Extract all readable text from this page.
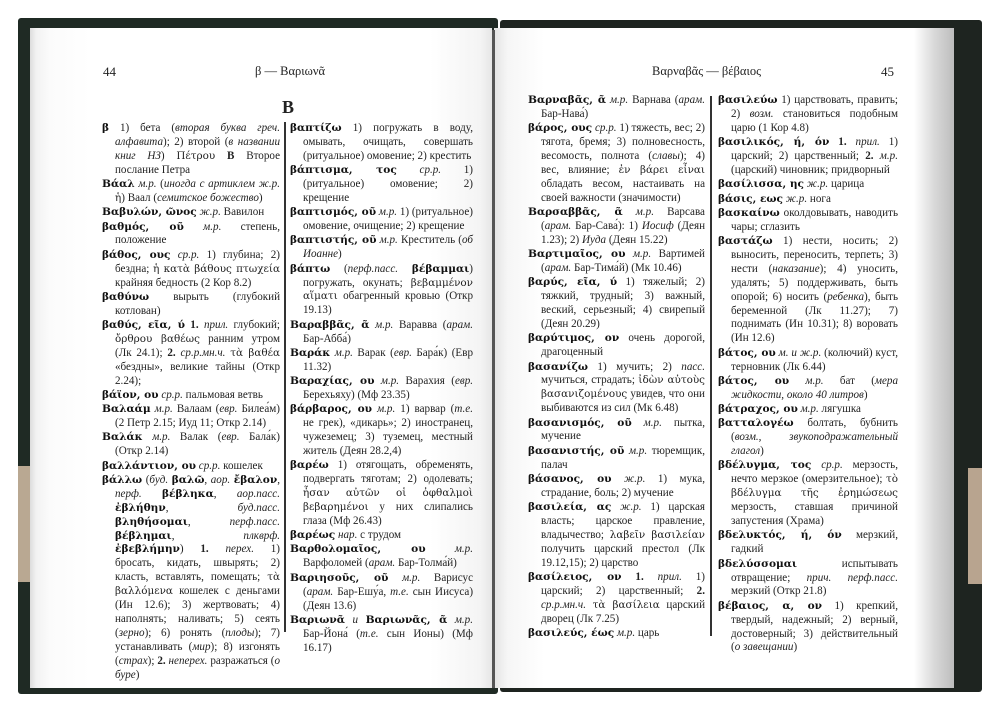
44	β — Βαριωνᾶ	Βαρναβᾶς — βέβαιος	45
B
β 1) бета (вторая буква греч. алфавита); 2) второй (в названии книг НЗ) Πέτρου В Второе послание Петра
Βάαλ м.р. (иногда с артиклем ж.р. ἡ) Ваал (семитское божество)
Βαβυλών, ῶνος ж.р. Вавилон
βαθμός, οῦ м.р. степень, положение
βάθος, ους ср.р. 1) глубина; 2) бездна; ἡ κατὰ βάθους πτωχεία крайняя бедность (2 Кор 8.2)
βαθύνω вырыть (глубокий котлован)
βαθύς, εῖα, ύ 1. прил. глубокий; ὄρθρου βαθέως ранним утром (Лк 24.1); 2. ср.р.мн.ч. τὰ βαθέα «бездны», великие тайны (Откр 2.24);
βάϊον, ου ср.р. пальмовая ветвь
Βαλαάμ м.р. Валаам (евр. Билеа́м) (2 Петр 2.15; Иуд 11; Откр 2.14)
Βαλάκ м.р. Валак (евр. Бала́к) (Откр 2.14)
βαλλάντιον, ου ср.р. кошелек
βάλλω (буд. βαλῶ, аор. ἔβαλον, перф. βέβληκα, аор.пасс. ἐβλήθην, буд.пасс. βληθήσομαι, перф.пасс. βέβλημαι, плкврф. ἐβεβλήμην) 1. перех. 1) бросать, кидать, швырять; 2) класть, вставлять, помещать; τὰ βαλλόμενα кошелек с деньгами (Ин 12.6); 3) жертвовать; 4) наполнять; наливать; 5) сеять (зерно); 6) ронять (плоды); 7) устанавливать (мир); 8) изгонять (страх); 2. неперех. разражаться (о буре)
βαπτίζω 1) погружать в воду, омывать, очищать, совершать (ритуальное) омовение; 2) крестить
βάπτισμα, τος ср.р. 1) (ритуальное) омовение; 2) крещение
βαπτισμός, οῦ м.р. 1) (ритуальное) омовение, очищение; 2) крещение
βαπτιστής, οῦ м.р. Креститель (об Иоанне)
βάπτω (перф.пасс. βέβαμμαι) погружать, окунать; βεβαμμένον αἵματι обагренный кровью (Откр 19.13)
Βαραββᾶς, ᾶ м.р. Варавва (арам. Бар-Абба́)
Βαράκ м.р. Варак (евр. Бара́к) (Евр 11.32)
Βαραχίας, ου м.р. Варахия (евр. Берехьяху) (Мф 23.35)
βάρβαρος, ου м.р. 1) варвар (т.е. не грек), «дикарь»; 2) иностранец, чужеземец; 3) туземец, местный житель (Деян 28.2,4)
βαρέω 1) отягощать, обременять, подвергать тяготам; 2) одолевать; ἦσαν αὐτῶν οἱ ὀφθαλμοὶ βεβαρημένοι у них слипались глаза (Мф 26.43)
βαρέως нар. с трудом
Βαρθολομαῖος, ου	м.р. Варфоломей (арам. Бар-Толма́й)
Βαριησοῦς, οῦ м.р. Варисус (арам. Бар-Ешу́а, т.е. сын Иисуса) (Деян 13.6)
Βαριωνᾶ и Βαριωνᾶς, ᾶ м.р. Бар-Йона́ (т.е. сын Ионы) (Мф 16.17)
Βαρναβᾶς, ᾶ м.р. Варнава (арам. Бар-Нава́)
βάρος, ους ср.р. 1) тяжесть, вес; 2) тягота, бремя; 3) полновесность, весомость, полнота (славы); 4) вес, влияние; ἐν βάρει εἶναι обладать весом, настаивать на своей важности (значимости)
Βαρσαββᾶς, ᾶ м.р. Варсава (арам. Бар-Сава́): 1) Иосиф (Деян 1.23); 2) Иуда (Деян 15.22)
Βαρτιμαῖος, ου м.р. Вартимей (арам. Бар-Тима́й) (Мк 10.46)
βαρύς, εῖα, ύ 1) тяжелый; 2) тяжкий, трудный; 3) важный, веский, серьезный; 4) свирепый (Деян 20.29)
βαρύτιμος, ον очень дорогой, драгоценный
βασανίζω 1) мучить; 2) пасс. мучиться, страдать; ἰδὼν αὐτοὺς βασανιζομένους увидев, что они выбиваются из сил (Мк 6.48)
βασανισμός, οῦ м.р. пытка, мучение
βασανιστής, οῦ м.р. тюремщик, палач
βάσανος, ου ж.р. 1) мука, страдание, боль; 2) мучение
βασιλεία, ας ж.р. 1) царская власть; царское правление, владычество; λαβεῖν βασιλείαν получить царский престол (Лк 19.12,15); 2) царство
βασίλειος, ον 1. прил. 1) царский; 2) царственный; 2. ср.р.мн.ч. τὰ βασίλεια царский дворец (Лк 7.25)
βασιλεύς, έως м.р. царь
βασιλεύω 1) царствовать, править; 2) возм. становиться подобным царю (1 Кор 4.8)
βασιλικός, ή, όν 1. прил. 1) царский; 2) царственный; 2. м.р. (царский) чиновник; придворный
βασίλισσα, ης ж.р. царица
βάσις, εως ж.р. нога
βασκαίνω околдовывать, наводить чары; сглазить
βαστάζω 1) нести, носить; 2) выносить, переносить, терпеть; 3) нести (наказание); 4) уносить, удалять; 5) поддерживать, быть опорой; 6) носить (ребенка), быть беременной (Лк 11.27); 7) поднимать (Ин 10.31); 8) воровать (Ин 12.6)
βάτος, ου м. и ж.р. (колючий) куст, терновник (Лк 6.44)
βάτος, ου м.р. бат (мера жидкости, около 40 литров)
βάτραχος, ου м.р. лягушка
βατταλογέω болтать, бубнить (возм., звукоподражательный глагол)
βδέλυγμα, τος ср.р. мерзость, нечто мерзкое (омерзительное); τὸ βδέλυγμα τῆς ἐρημώσεως мерзость, ставшая причиной запустения (Храма)
βδελυκτός, ή, όν мерзкий, гадкий
βδελύσσομαι испытывать отвращение; прич. перф.пасс. мерзкий (Откр 21.8)
βέβαιος, α, ον 1) крепкий, твердый, надежный; 2) верный, достоверный; 3) действительный (о завещании)
